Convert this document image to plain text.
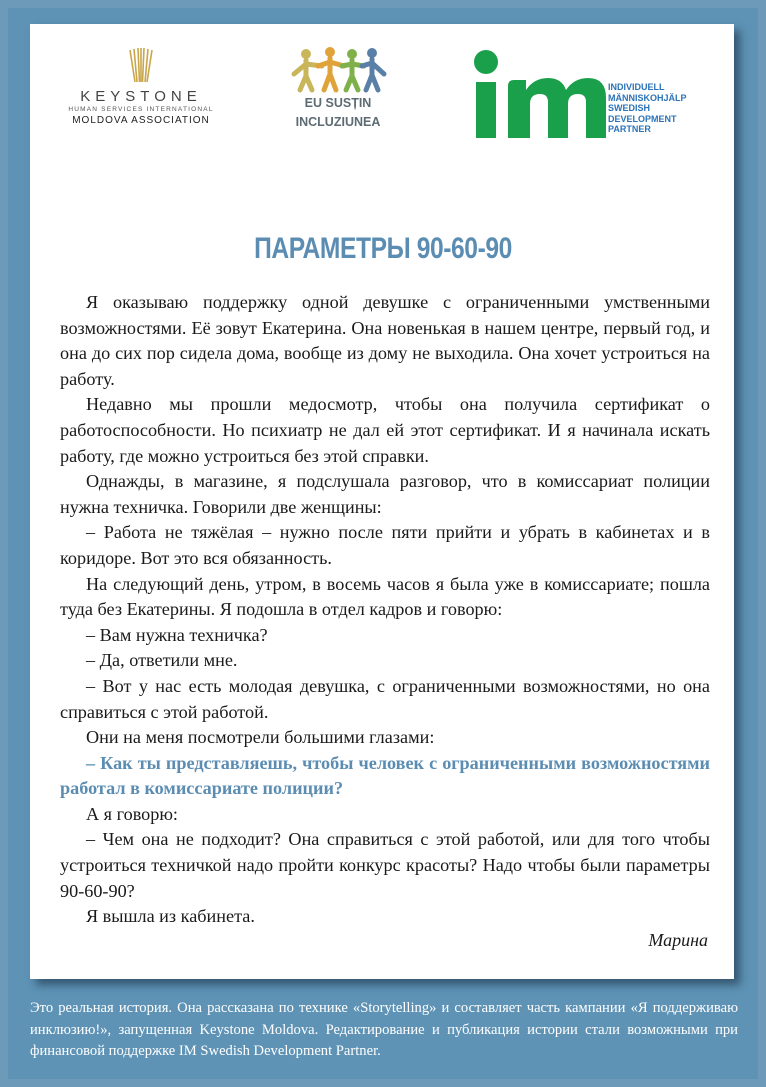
KEYSTONE
HUMAN SERVICES INTERNATIONAL
MOLDOVA ASSOCIATION
EU SUSȚIN
INCLUZIUNEA
INDIVIDUELL
MÄNNISKOHJÄLP
SWEDISH
DEVELOPMENT
PARTNER
ПАРАМЕТРЫ 90-60-90

Я оказываю поддержку одной девушке с ограниченными умственными возможностями. Её зовут Екатерина. Она новенькая в нашем центре, первый год, и она до сих пор сидела дома, вообще из дому не выходила. Она хочет устроиться на работу.

Недавно мы прошли медосмотр, чтобы она получила сертификат о работоспособности. Но психиатр не дал ей этот сертификат. И я начинала искать работу, где можно устроиться без этой справки.

Однажды, в магазине, я подслушала разговор, что в комиссариат полиции нужна техничка. Говорили две женщины:

– Работа не тяжёлая – нужно после пяти прийти и убрать в кабинетах и в коридоре. Вот это вся обязанность.

На следующий день, утром, в восемь часов я была уже в комиссариате; пошла туда без Екатерины. Я подошла в отдел кадров и говорю:

– Вам нужна техничка?

– Да, ответили мне.

– Вот у нас есть молодая девушка, с ограниченными возможностями, но она справиться с этой работой.

Они на меня посмотрели большими глазами:

– Как ты представляешь, чтобы человек с ограниченными возможностями работал в комиссариате полиции?

А я говорю:

– Чем она не подходит? Она справиться с этой работой, или для того чтобы устроиться техничкой надо пройти конкурс красоты? Надо чтобы были параметры 90-60-90?

Я вышла из кабинета.

Марина
Это реальная история. Она рассказана по технике «Storytelling» и составляет часть кампании «Я поддерживаю инклюзию!», запущенная Keystone Moldova. Редактирование и публикация истории стали возможными при финансовой поддержке IM Swedish Development Partner.
